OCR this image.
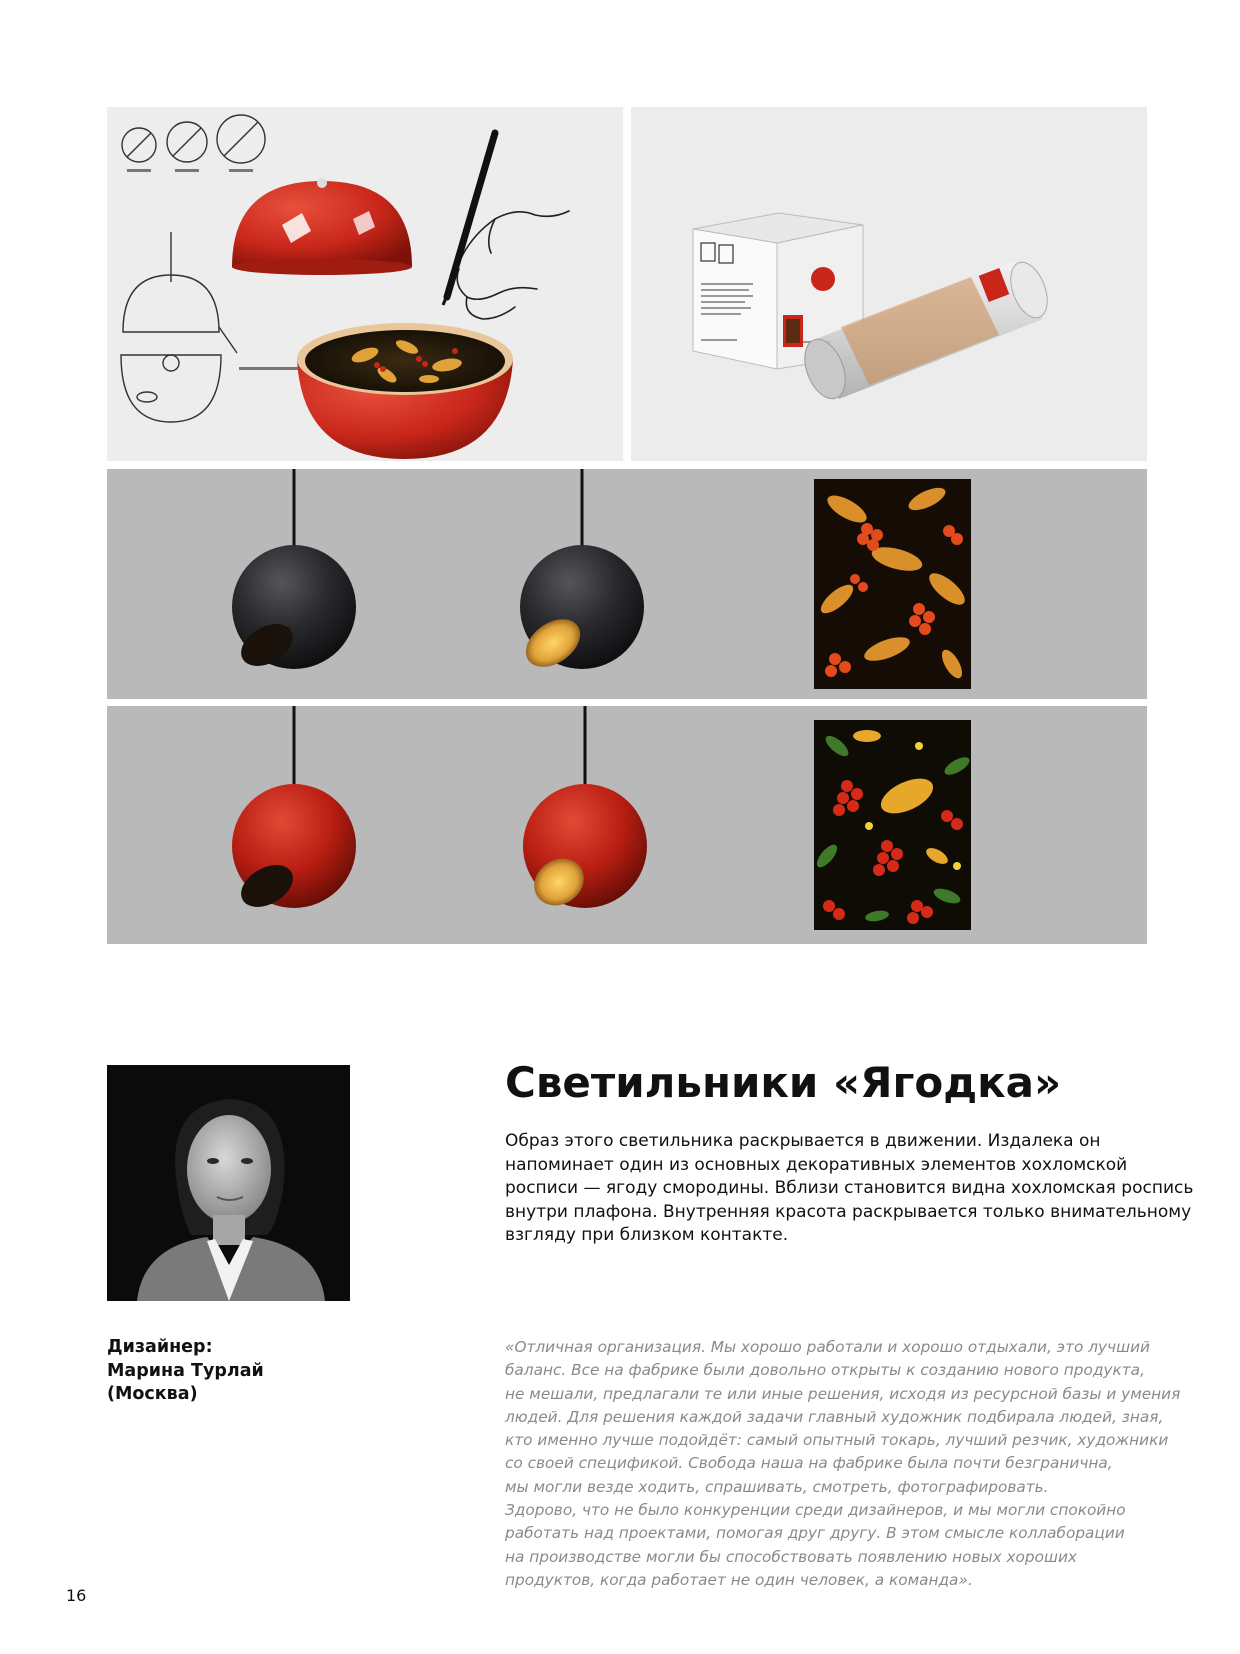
Светильники «Ягодка»
Образ этого светильника раскрывается в движении. Издалека он
напоминает один из основных декоративных элементов хохломской
росписи — ягоду смородины. Вблизи становится видна хохломская роспись
внутри плафона. Внутренняя красота раскрывается только внимательному
взгляду при близком контакте.
Дизайнер:
Марина Турлай
(Москва)
«Отличная организация. Мы хорошо работали и хорошо отдыхали, это лучший
баланс. Все на фабрике были довольно открыты к созданию нового продукта,
не мешали, предлагали те или иные решения, исходя из ресурсной базы и умения
людей. Для решения каждой задачи главный художник подбирала людей, зная,
кто именно лучше подойдёт: самый опытный токарь, лучший резчик, художники
со своей спецификой. Свобода наша на фабрике была почти безгранична,
мы могли везде ходить, спрашивать, смотреть, фотографировать.
Здорово, что не было конкуренции среди дизайнеров, и мы могли спокойно
работать над проектами, помогая друг другу. В этом смысле коллаборации
на производстве могли бы способствовать появлению новых хороших
продуктов, когда работает не один человек, а команда».
16
